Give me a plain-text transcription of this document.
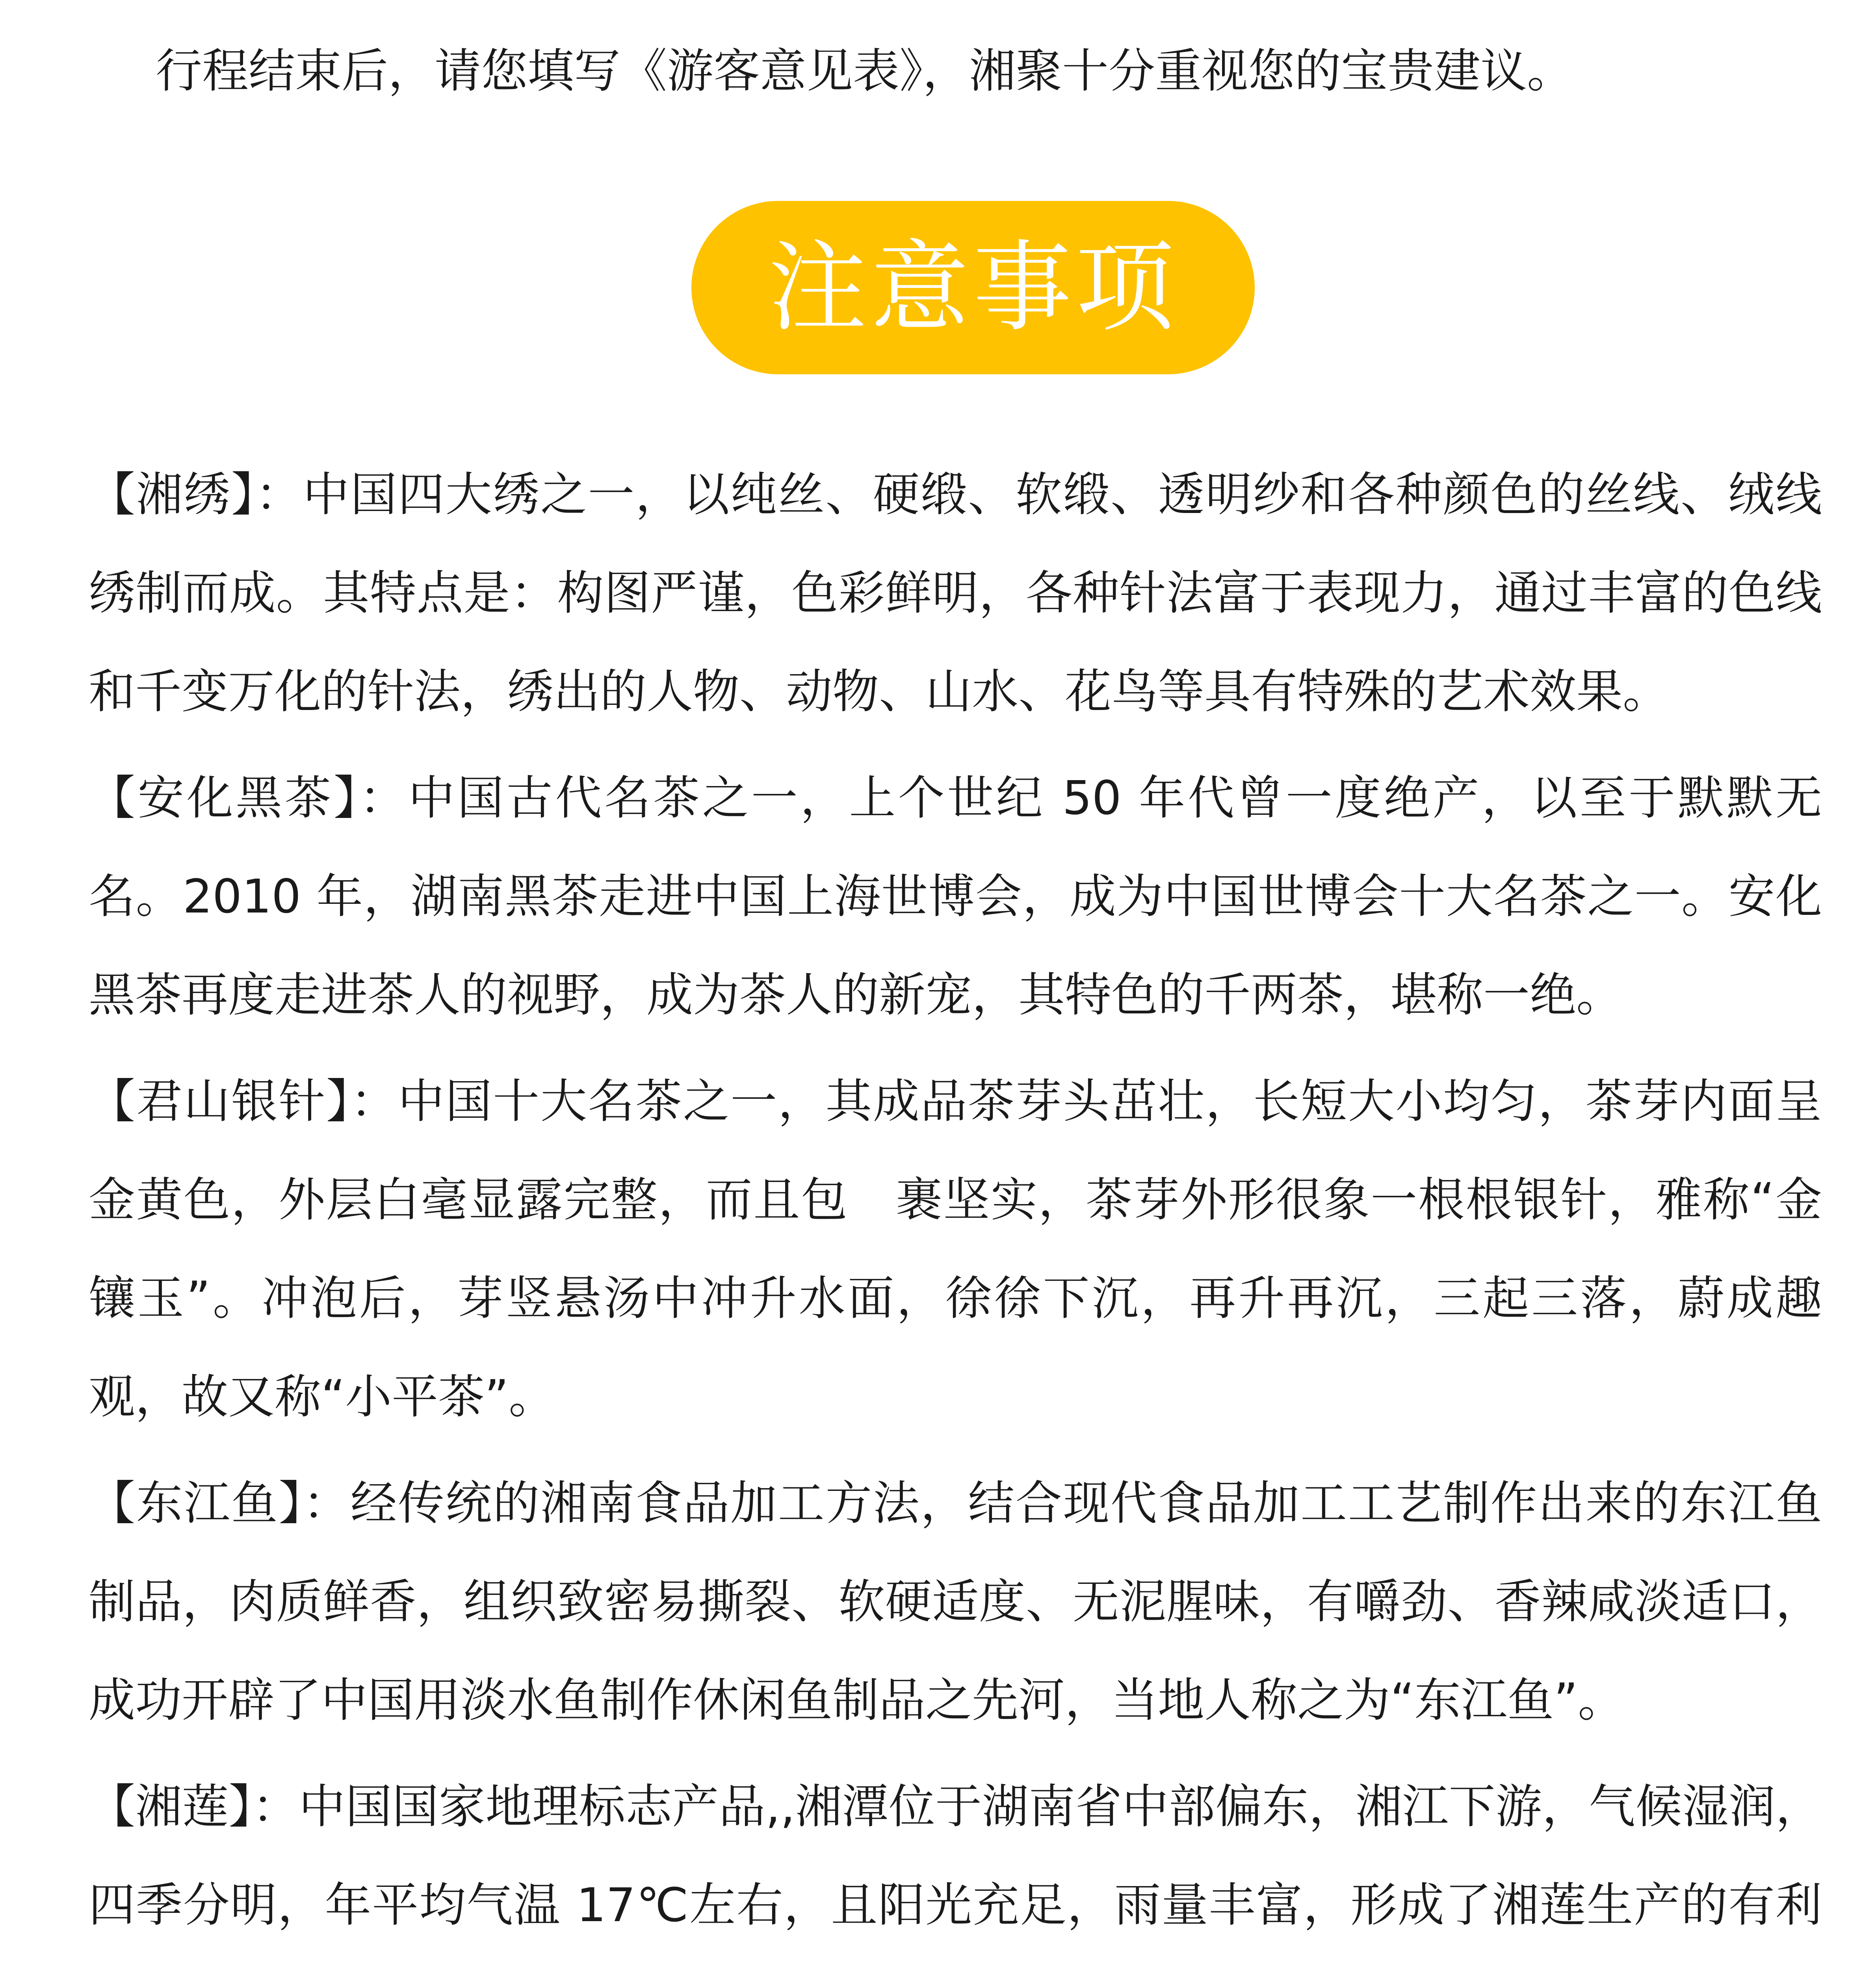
行程结束后，请您填写《游客意见表》，湘聚十分重视您的宝贵建议。
注意事项

【湘绣】：中国四大绣之一，以纯丝、硬缎、软缎、透明纱和各种颜色的丝线、绒线绣制而成。其特点是：构图严谨，色彩鲜明，各种针法富于表现力，通过丰富的色线和千变万化的针法，绣出的人物、动物、山水、花鸟等具有特殊的艺术效果。

【安化黑茶】：中国古代名茶之一，上个世纪 50 年代曾一度绝产，以至于默默无名。2010 年，湖南黑茶走进中国上海世博会，成为中国世博会十大名茶之一。安化黑茶再度走进茶人的视野，成为茶人的新宠，其特色的千两茶，堪称一绝。

【君山银针】：中国十大名茶之一，其成品茶芽头茁壮，长短大小均匀，茶芽内面呈金黄色，外层白毫显露完整，而且包　裹坚实，茶芽外形很象一根根银针，雅称“金镶玉”。冲泡后，芽竖悬汤中冲升水面，徐徐下沉，再升再沉，三起三落，蔚成趣观，故又称“小平茶”。

【东江鱼】：经传统的湘南食品加工方法，结合现代食品加工工艺制作出来的东江鱼制品，肉质鲜香，组织致密易撕裂、软硬适度、无泥腥味，有嚼劲、香辣咸淡适口，成功开辟了中国用淡水鱼制作休闲鱼制品之先河，当地人称之为“东江鱼”。

【湘莲】：中国国家地理标志产品,,湘潭位于湖南省中部偏东，湘江下游，气候湿润，四季分明，年平均气温 17℃左右，且阳光充足，雨量丰富，形成了湘莲生产的有利
